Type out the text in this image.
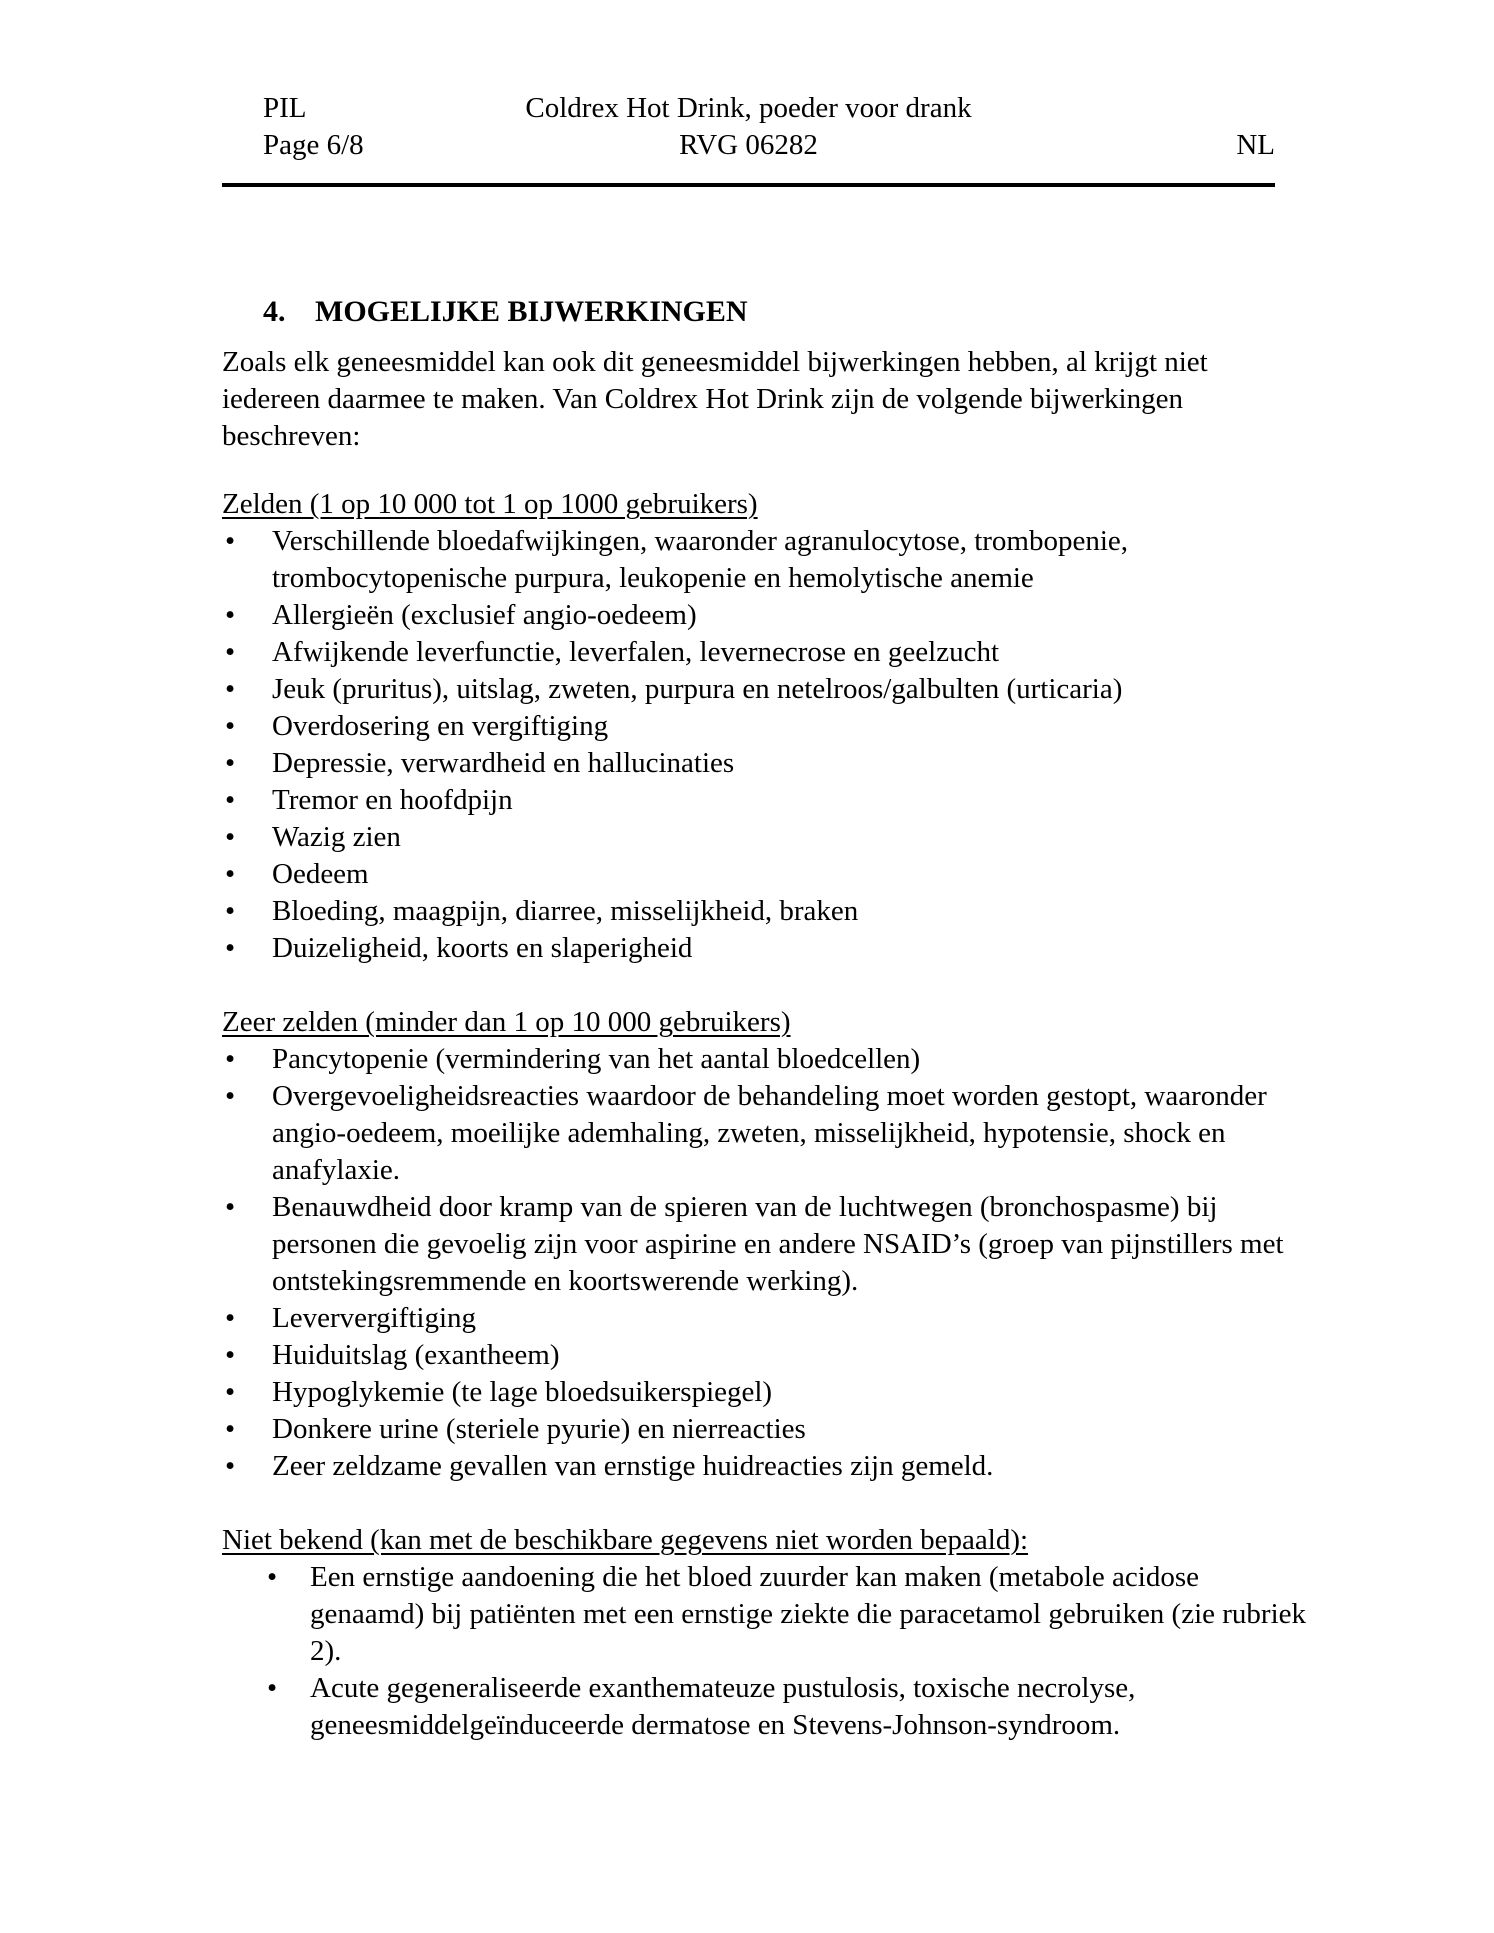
PIL
Page 6/8
Coldrex Hot Drink, poeder voor drank
RVG 06282	NL
4. MOGELIJKE BIJWERKINGEN

Zoals elk geneesmiddel kan ook dit geneesmiddel bijwerkingen hebben, al krijgt niet iedereen daarmee te maken. Van Coldrex Hot Drink zijn de volgende bijwerkingen beschreven:

Zelden (1 op 10 000 tot 1 op 1000 gebruikers)
•	Verschillende bloedafwijkingen, waaronder agranulocytose, trombopenie, trombocytopenische purpura, leukopenie en hemolytische anemie
•	Allergieën (exclusief angio-oedeem)
•	Afwijkende leverfunctie, leverfalen, levernecrose en geelzucht
•	Jeuk (pruritus), uitslag, zweten, purpura en netelroos/galbulten (urticaria)
•	Overdosering en vergiftiging
•	Depressie, verwardheid en hallucinaties
•	Tremor en hoofdpijn
•	Wazig zien
•	Oedeem
•	Bloeding, maagpijn, diarree, misselijkheid, braken
•	Duizeligheid, koorts en slaperigheid
Zeer zelden (minder dan 1 op 10 000 gebruikers)
•	Pancytopenie (vermindering van het aantal bloedcellen)
•	Overgevoeligheidsreacties waardoor de behandeling moet worden gestopt, waaronder angio-oedeem, moeilijke ademhaling, zweten, misselijkheid, hypotensie, shock en anafylaxie.
•	Benauwdheid door kramp van de spieren van de luchtwegen (bronchospasme) bij personen die gevoelig zijn voor aspirine en andere NSAID’s (groep van pijnstillers met ontstekingsremmende en koortswerende werking).
•	Leververgiftiging
•	Huiduitslag (exantheem)
•	Hypoglykemie (te lage bloedsuikerspiegel)
•	Donkere urine (steriele pyurie) en nierreacties
•	Zeer zeldzame gevallen van ernstige huidreacties zijn gemeld.
Niet bekend (kan met de beschikbare gegevens niet worden bepaald):
•	Een ernstige aandoening die het bloed zuurder kan maken (metabole acidose genaamd) bij patiënten met een ernstige ziekte die paracetamol gebruiken (zie rubriek 2).
•	Acute gegeneraliseerde exanthemateuze pustulosis, toxische necrolyse, geneesmiddelgeïnduceerde dermatose en Stevens-Johnson-syndroom.
